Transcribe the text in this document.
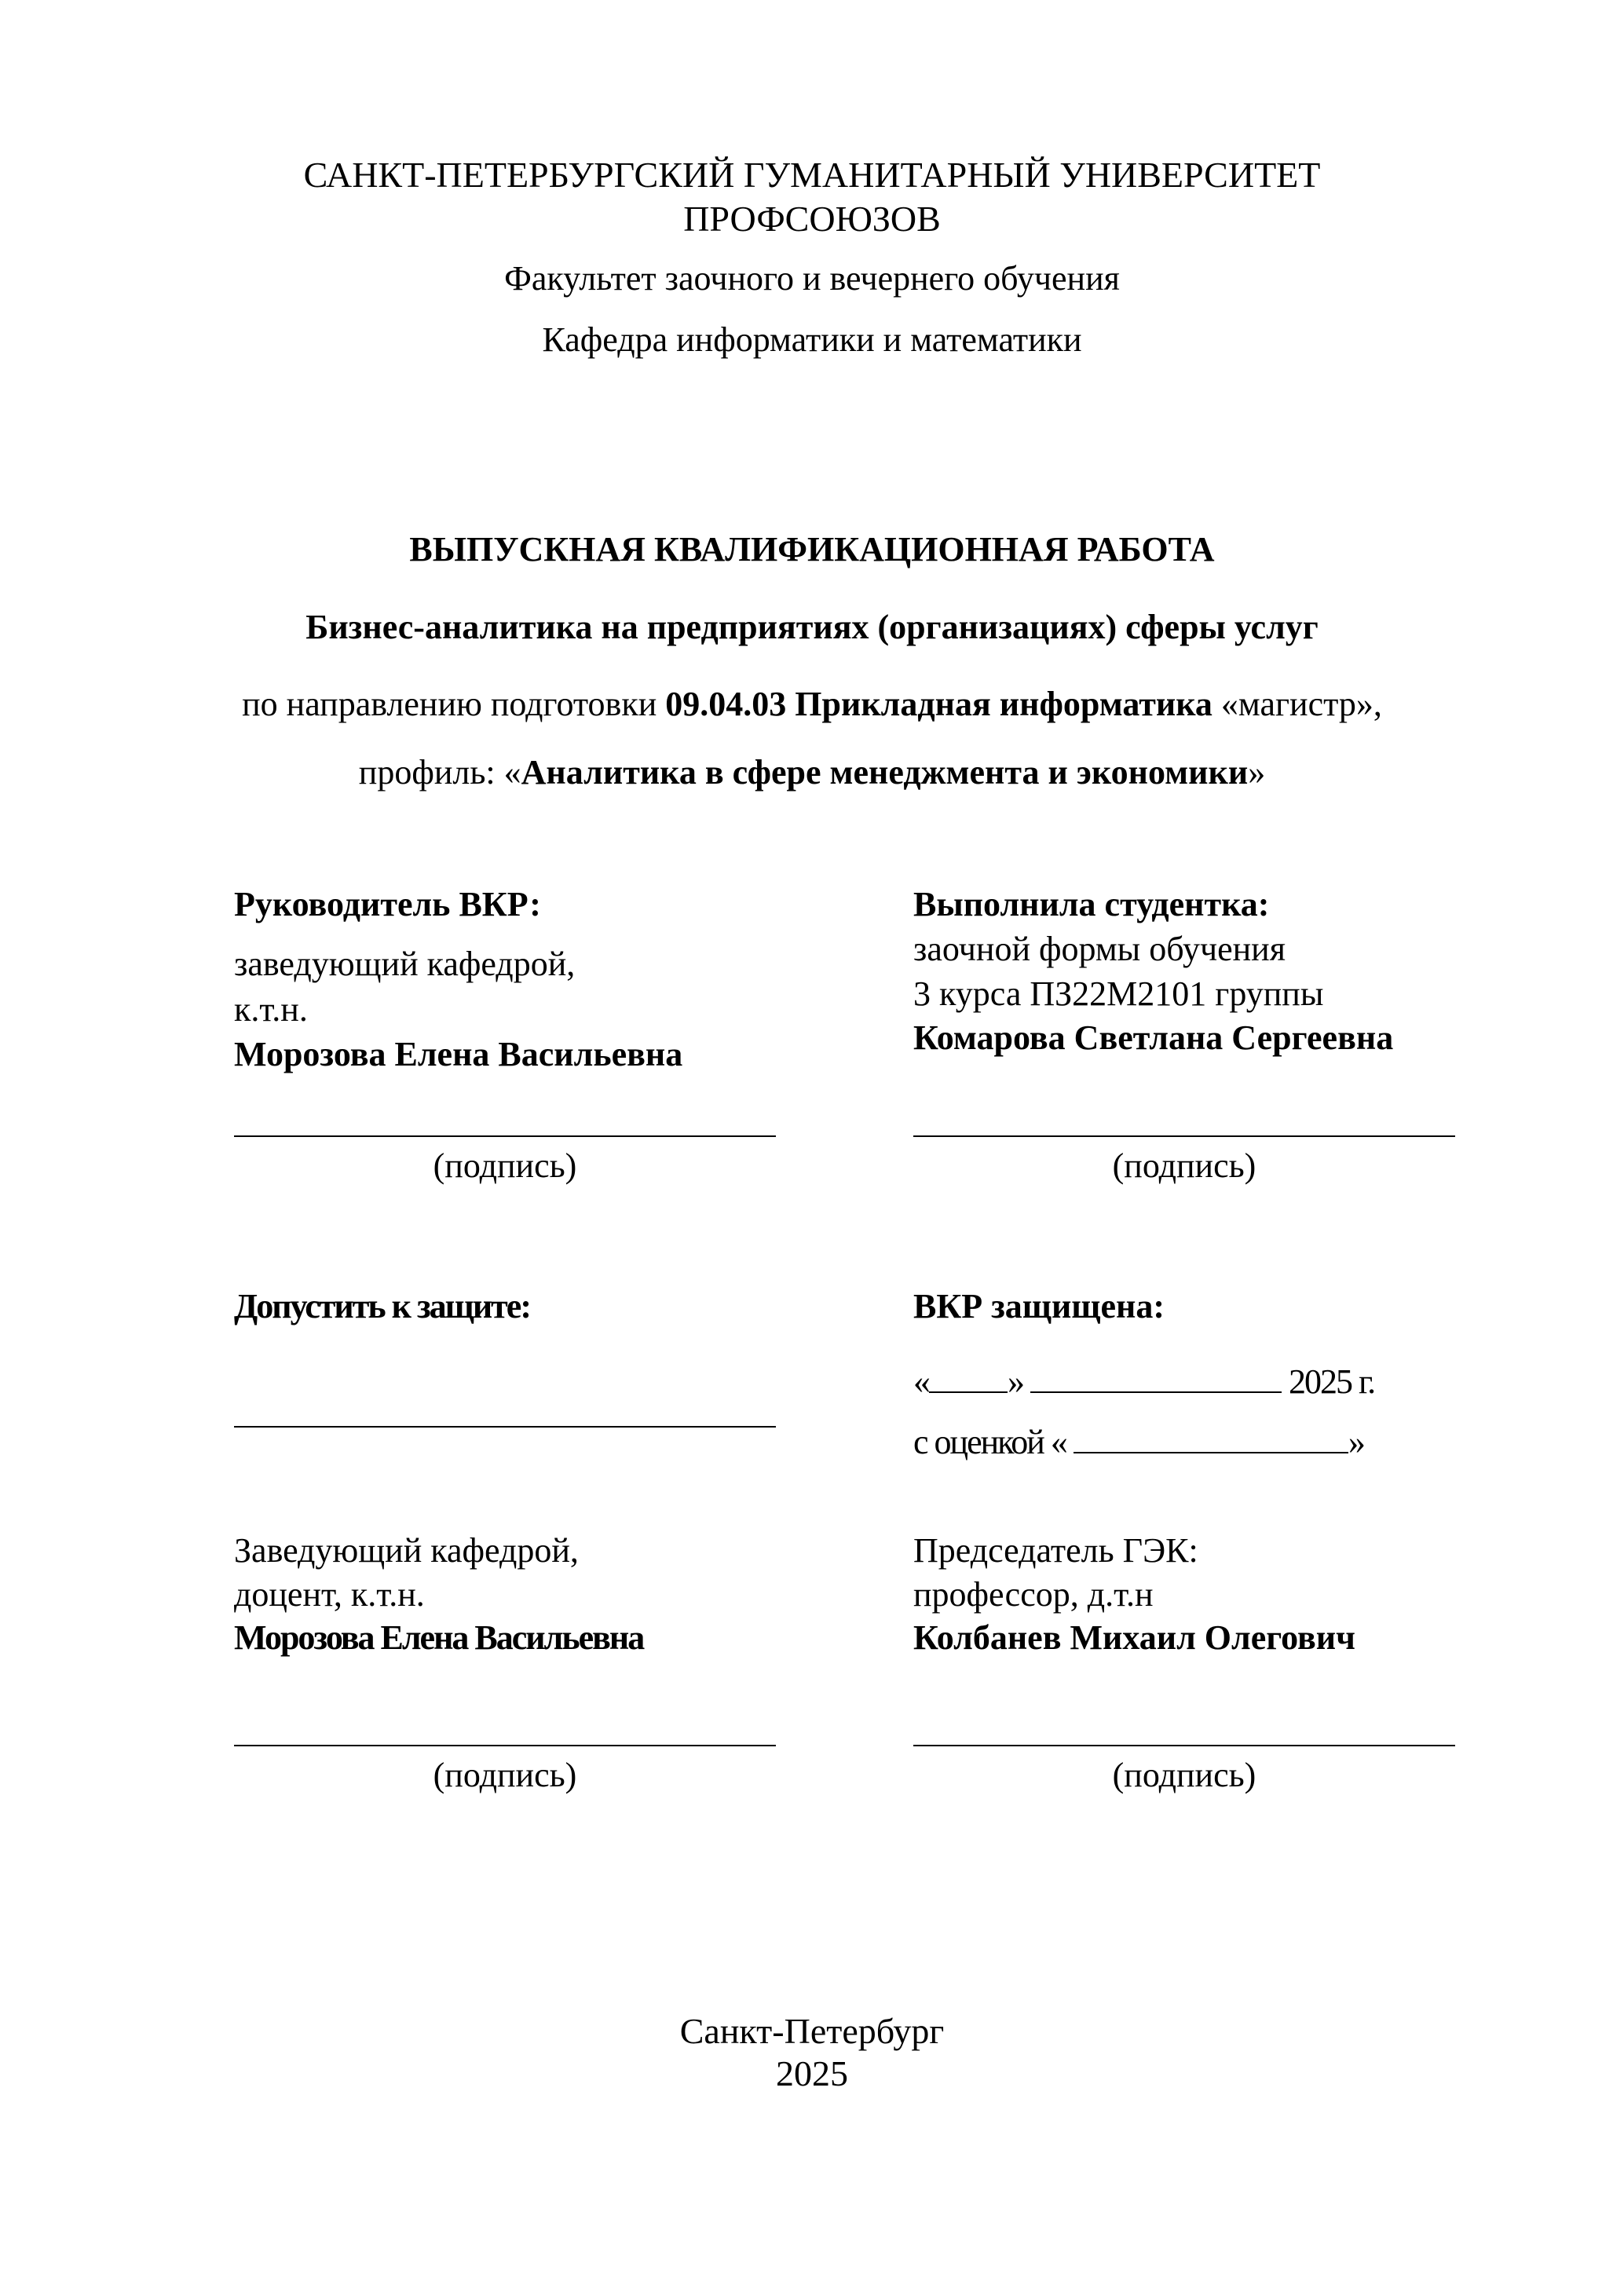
САНКТ-ПЕТЕРБУРГСКИЙ ГУМАНИТАРНЫЙ УНИВЕРСИТЕТ
ПРОФСОЮЗОВ
Факультет заочного и вечернего обучения
Кафедра информатики и математики
ВЫПУСКНАЯ КВАЛИФИКАЦИОННАЯ РАБОТА
Бизнес-аналитика на предприятиях (организациях) сферы услуг
по направлению подготовки 09.04.03 Прикладная информатика «магистр»,
профиль: «Аналитика в сфере менеджмента и экономики»
Руководитель ВКР:
заведующий кафедрой,
к.т.н.
Морозова Елена Васильевна
(подпись)
Выполнила студентка:
заочной формы обучения
3 курса ПЗ22М2101 группы
Комарова Светлана Сергеевна
(подпись)
Допустить к защите:	ВКР защищена:
« »	2025 г.
с оценкой «	»
Заведующий кафедрой,
доцент, к.т.н.
Морозова Елена Васильевна
(подпись)
Председатель ГЭК:
профессор, д.т.н
Колбанев Михаил Олегович
(подпись)
Санкт-Петербург
2025
